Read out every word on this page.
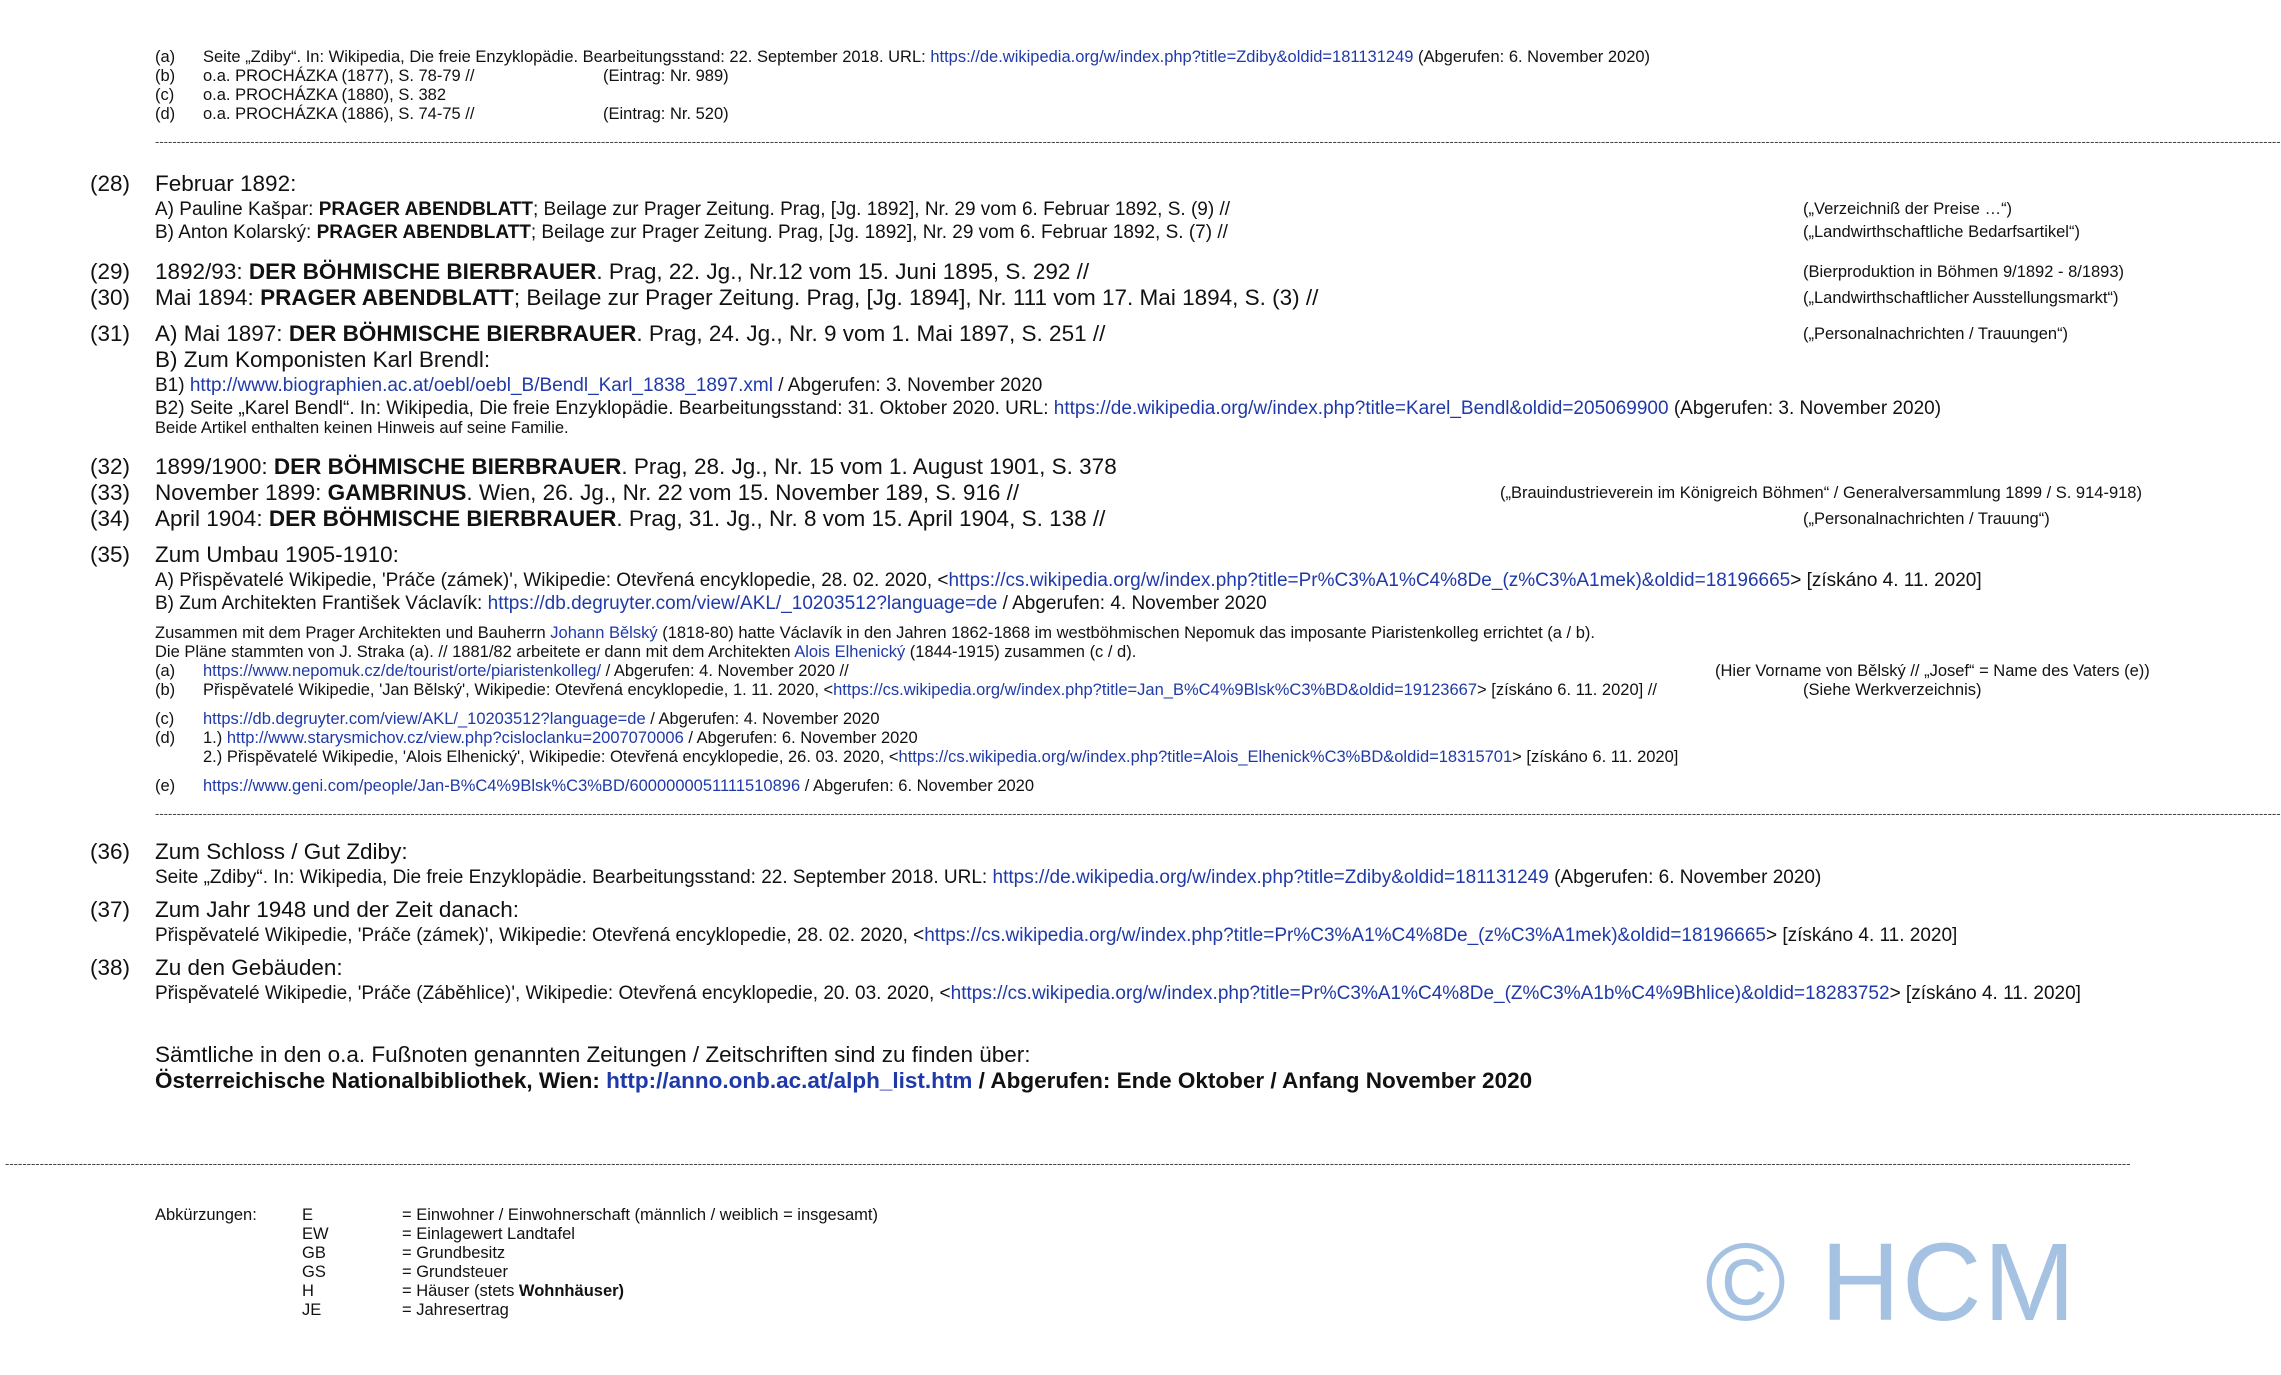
(a) Seite „Zdiby“. In: Wikipedia, Die freie Enzyklopädie. Bearbeitungsstand: 22. September 2018. URL: https://de.wikipedia.org/w/index.php?title=Zdiby&oldid=181131249 (Abgerufen: 6. November 2020)
(b) o.a. PROCHÁZKA (1877), S. 78-79 //	(Eintrag: Nr. 989)
(c) o.a. PROCHÁZKA (1880), S. 382
(d) o.a. PROCHÁZKA (1886), S. 74-75 //	(Eintrag: Nr. 520)
-----------------------------------------------------------------------------------------------------------------------------------------------------------------------------------------------------------------------------------------------------------------------------------------------------------------------------------------------------------------------------------------------------------------------------------------------------------------------------------------------------------
(28) Februar 1892:
A) Pauline Kašpar: PRAGER ABENDBLATT; Beilage zur Prager Zeitung. Prag, [Jg. 1892], Nr. 29 vom 6. Februar 1892, S. (9) //	(„Verzeichniß der Preise …“)
B) Anton Kolarský: PRAGER ABENDBLATT; Beilage zur Prager Zeitung. Prag, [Jg. 1892], Nr. 29 vom 6. Februar 1892, S. (7) //	(„Landwirthschaftliche Bedarfsartikel“)
(29) 1892/93: DER BÖHMISCHE BIERBRAUER. Prag, 22. Jg., Nr.12 vom 15. Juni 1895, S. 292 //	(Bierproduktion in Böhmen 9/1892 - 8/1893)
(30) Mai 1894: PRAGER ABENDBLATT; Beilage zur Prager Zeitung. Prag, [Jg. 1894], Nr. 111 vom 17. Mai 1894, S. (3) //	(„Landwirthschaftlicher Ausstellungsmarkt“)
(31) A) Mai 1897: DER BÖHMISCHE BIERBRAUER. Prag, 24. Jg., Nr. 9 vom 1. Mai 1897, S. 251 //	(„Personalnachrichten / Trauungen“)
B) Zum Komponisten Karl Brendl:
B1) http://www.biographien.ac.at/oebl/oebl_B/Bendl_Karl_1838_1897.xml / Abgerufen: 3. November 2020
B2) Seite „Karel Bendl“. In: Wikipedia, Die freie Enzyklopädie. Bearbeitungsstand: 31. Oktober 2020. URL: https://de.wikipedia.org/w/index.php?title=Karel_Bendl&oldid=205069900 (Abgerufen: 3. November 2020)
Beide Artikel enthalten keinen Hinweis auf seine Familie.
(32) 1899/1900: DER BÖHMISCHE BIERBRAUER. Prag, 28. Jg., Nr. 15 vom 1. August 1901, S. 378
(33) November 1899: GAMBRINUS. Wien, 26. Jg., Nr. 22 vom 15. November 189, S. 916 //	(„Brauindustrieverein im Königreich Böhmen“ / Generalversammlung 1899 / S. 914-918)
(34) April 1904: DER BÖHMISCHE BIERBRAUER. Prag, 31. Jg., Nr. 8 vom 15. April 1904, S. 138 //	(„Personalnachrichten / Trauung“)
(35) Zum Umbau 1905-1910:
A) Přispěvatelé Wikipedie, 'Práče (zámek)', Wikipedie: Otevřená encyklopedie, 28. 02. 2020, <https://cs.wikipedia.org/w/index.php?title=Pr%C3%A1%C4%8De_(z%C3%A1mek)&oldid=18196665> [získáno 4. 11. 2020]
B) Zum Architekten František Václavík: https://db.degruyter.com/view/AKL/_10203512?language=de / Abgerufen: 4. November 2020
Zusammen mit dem Prager Architekten und Bauherrn Johann Bělský (1818-80) hatte Václavík in den Jahren 1862-1868 im westböhmischen Nepomuk das imposante Piaristenkolleg errichtet (a / b).
Die Pläne stammten von J. Straka (a). // 1881/82 arbeitete er dann mit dem Architekten Alois Elhenický (1844-1915) zusammen (c / d).
(a) https://www.nepomuk.cz/de/tourist/orte/piaristenkolleg/ / Abgerufen: 4. November 2020 //	(Hier Vorname von Bělský // „Josef“ = Name des Vaters (e))
(b) Přispěvatelé Wikipedie, 'Jan Bělský', Wikipedie: Otevřená encyklopedie, 1. 11. 2020, <https://cs.wikipedia.org/w/index.php?title=Jan_B%C4%9Blsk%C3%BD&oldid=19123667> [získáno 6. 11. 2020] //	(Siehe Werkverzeichnis)
(c) https://db.degruyter.com/view/AKL/_10203512?language=de / Abgerufen: 4. November 2020
(d) 1.) http://www.starysmichov.cz/view.php?cisloclanku=2007070006 / Abgerufen: 6. November 2020
2.) Přispěvatelé Wikipedie, 'Alois Elhenický', Wikipedie: Otevřená encyklopedie, 26. 03. 2020, <https://cs.wikipedia.org/w/index.php?title=Alois_Elhenick%C3%BD&oldid=18315701> [získáno 6. 11. 2020]
(e) https://www.geni.com/people/Jan-B%C4%9Blsk%C3%BD/6000000051111510896 / Abgerufen: 6. November 2020
-----------------------------------------------------------------------------------------------------------------------------------------------------------------------------------------------------------------------------------------------------------------------------------------------------------------------------------------------------------------------------------------------------------------------------------------------------------------------------------------------------------
(36) Zum Schloss / Gut Zdiby:
Seite „Zdiby“. In: Wikipedia, Die freie Enzyklopädie. Bearbeitungsstand: 22. September 2018. URL: https://de.wikipedia.org/w/index.php?title=Zdiby&oldid=181131249 (Abgerufen: 6. November 2020)
(37) Zum Jahr 1948 und der Zeit danach:
Přispěvatelé Wikipedie, 'Práče (zámek)', Wikipedie: Otevřená encyklopedie, 28. 02. 2020, <https://cs.wikipedia.org/w/index.php?title=Pr%C3%A1%C4%8De_(z%C3%A1mek)&oldid=18196665> [získáno 4. 11. 2020]
(38) Zu den Gebäuden:
Přispěvatelé Wikipedie, 'Práče (Záběhlice)', Wikipedie: Otevřená encyklopedie, 20. 03. 2020, <https://cs.wikipedia.org/w/index.php?title=Pr%C3%A1%C4%8De_(Z%C3%A1b%C4%9Bhlice)&oldid=18283752> [získáno 4. 11. 2020]
Sämtliche in den o.a. Fußnoten genannten Zeitungen / Zeitschriften sind zu finden über:
Österreichische Nationalbibliothek, Wien: http://anno.onb.ac.at/alph_list.htm / Abgerufen: Ende Oktober / Anfang November 2020
-----------------------------------------------------------------------------------------------------------------------------------------------------------------------------------------------------------------------------------------------------------------------------------------------------------------------------------------------------------------------------------------------------------------------------------------------------------------------------------------------------------
Abkürzungen:	E	= Einwohner / Einwohnerschaft (männlich / weiblich = insgesamt)
EW	= Einlagewert Landtafel
GB	= Grundbesitz
GS	= Grundsteuer
H	= Häuser (stets Wohnhäuser)
JE	= Jahresertrag	© HCM
